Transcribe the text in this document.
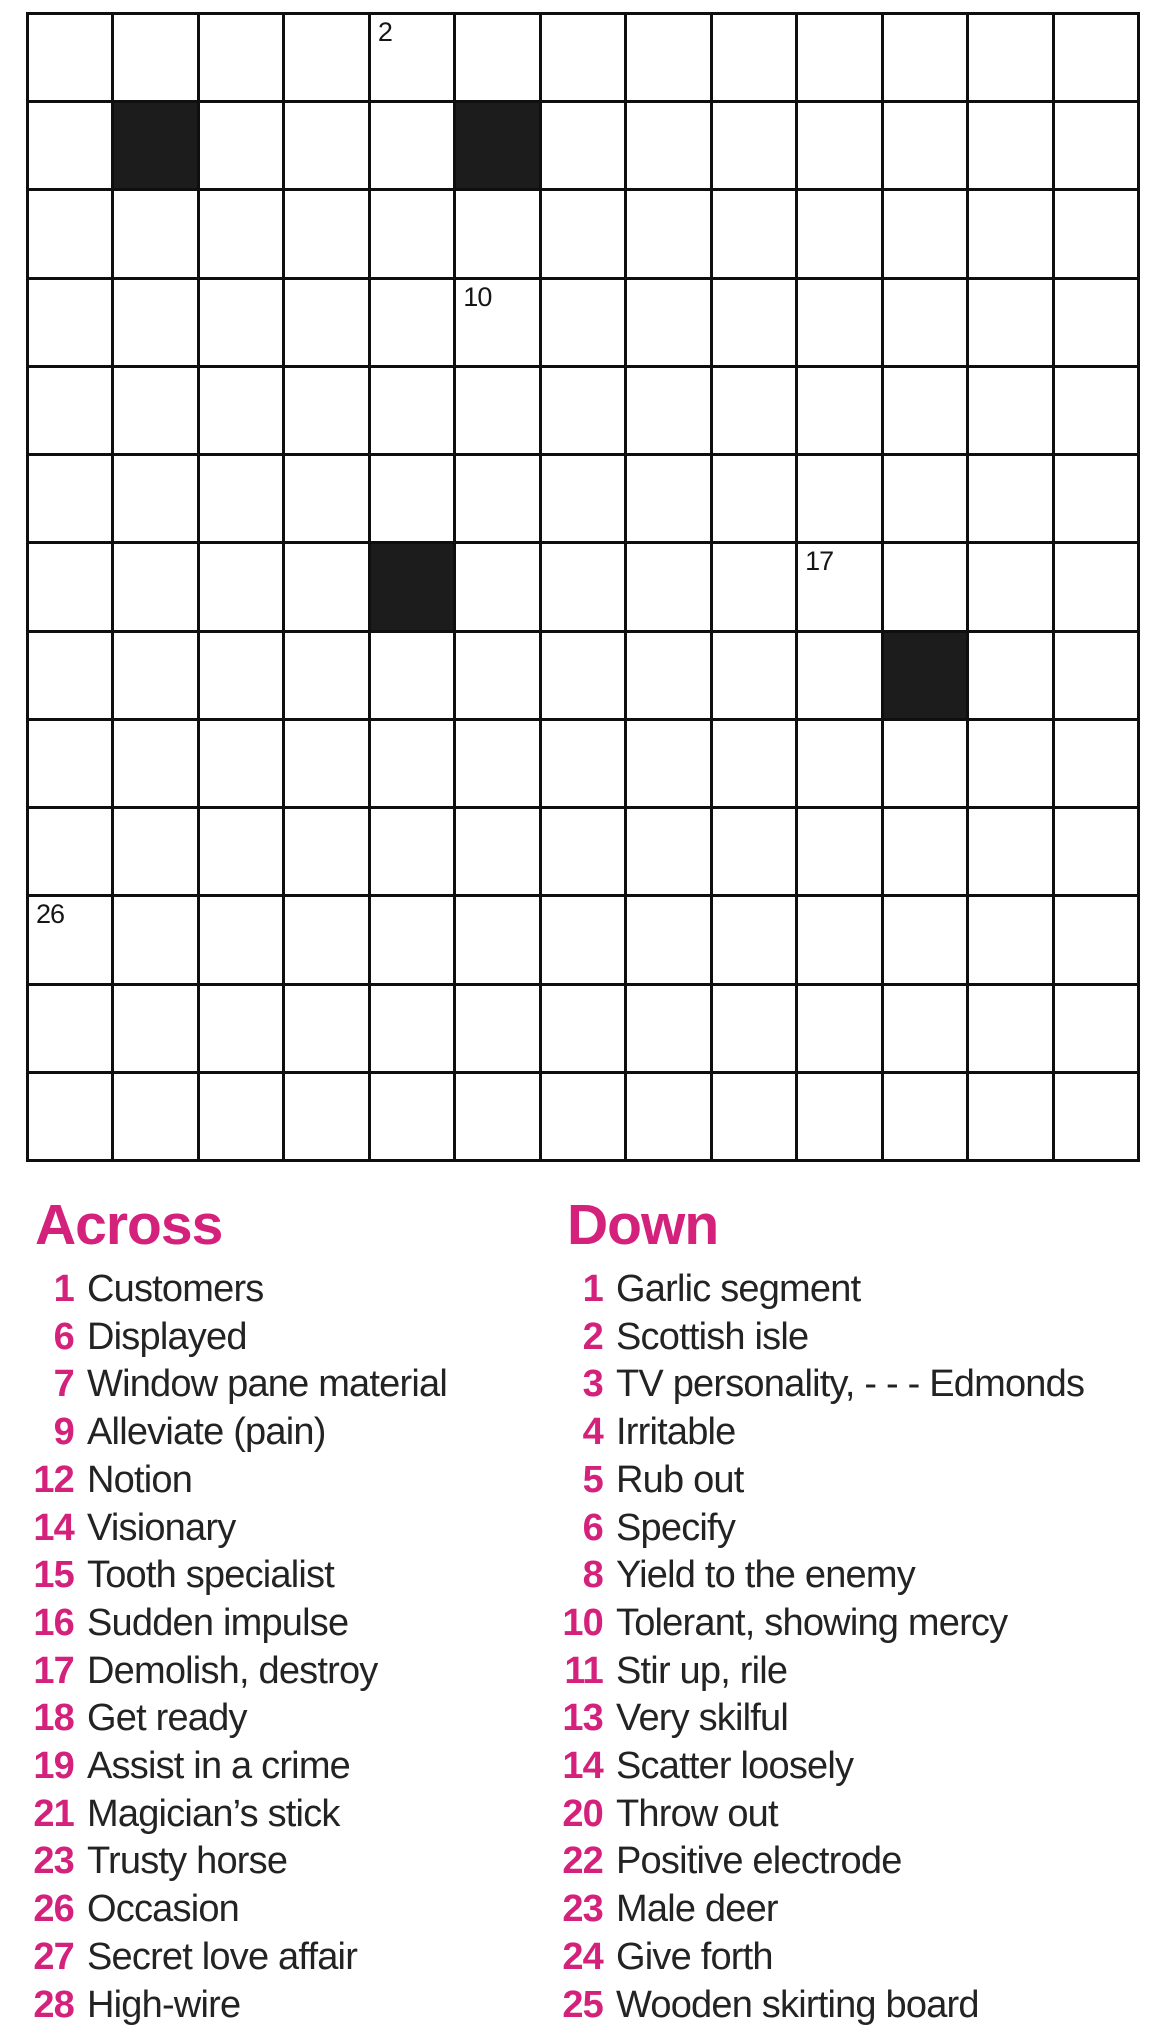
2
10
17
26
Across
1 Customers
6 Displayed
7 Window pane material
9 Alleviate (pain)
12 Notion
14 Visionary
15 Tooth specialist
16 Sudden impulse
17 Demolish, destroy
18 Get ready
19 Assist in a crime
21 Magician’s stick
23 Trusty horse
26 Occasion
27 Secret love affair
28 High-wire
Down
1 Garlic segment
2 Scottish isle
3 TV personality, - - - Edmonds
4 Irritable
5 Rub out
6 Specify
8 Yield to the enemy
10 Tolerant, showing mercy
11 Stir up, rile
13 Very skilful
14 Scatter loosely
20 Throw out
22 Positive electrode
23 Male deer
24 Give forth
25 Wooden skirting board
